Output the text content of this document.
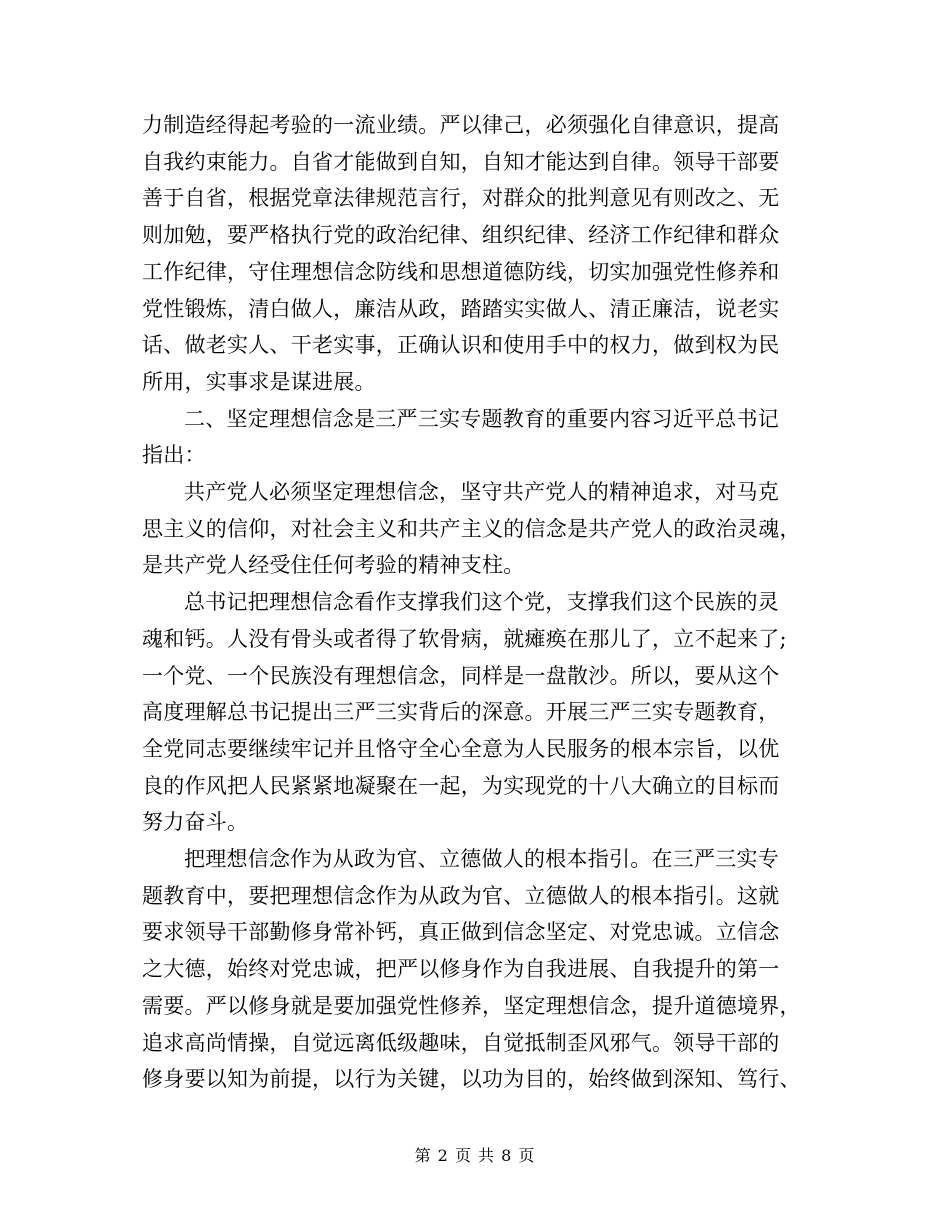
力制造经得起考验的一流业绩。严以律己，必须强化自律意识，提高
自我约束能力。自省才能做到自知，自知才能达到自律。领导干部要
善于自省，根据党章法律规范言行，对群众的批判意见有则改之、无
则加勉，要严格执行党的政治纪律、组织纪律、经济工作纪律和群众
工作纪律，守住理想信念防线和思想道德防线，切实加强党性修养和
党性锻炼，清白做人，廉洁从政，踏踏实实做人、清正廉洁，说老实
话、做老实人、干老实事，正确认识和使用手中的权力，做到权为民
所用，实事求是谋进展。
二、坚定理想信念是三严三实专题教育的重要内容习近平总书记
指出：
共产党人必须坚定理想信念，坚守共产党人的精神追求，对马克
思主义的信仰，对社会主义和共产主义的信念是共产党人的政治灵魂，
是共产党人经受住任何考验的精神支柱。
总书记把理想信念看作支撑我们这个党，支撑我们这个民族的灵
魂和钙。人没有骨头或者得了软骨病，就瘫痪在那儿了，立不起来了;
一个党、一个民族没有理想信念，同样是一盘散沙。所以，要从这个
高度理解总书记提出三严三实背后的深意。开展三严三实专题教育，
全党同志要继续牢记并且恪守全心全意为人民服务的根本宗旨，以优
良的作风把人民紧紧地凝聚在一起，为实现党的十八大确立的目标而
努力奋斗。
把理想信念作为从政为官、立德做人的根本指引。在三严三实专
题教育中，要把理想信念作为从政为官、立德做人的根本指引。这就
要求领导干部勤修身常补钙，真正做到信念坚定、对党忠诚。立信念
之大德，始终对党忠诚，把严以修身作为自我进展、自我提升的第一
需要。严以修身就是要加强党性修养，坚定理想信念，提升道德境界，
追求高尚情操，自觉远离低级趣味，自觉抵制歪风邪气。领导干部的
修身要以知为前提，以行为关键，以功为目的，始终做到深知、笃行、
第 2 页 共 8 页
